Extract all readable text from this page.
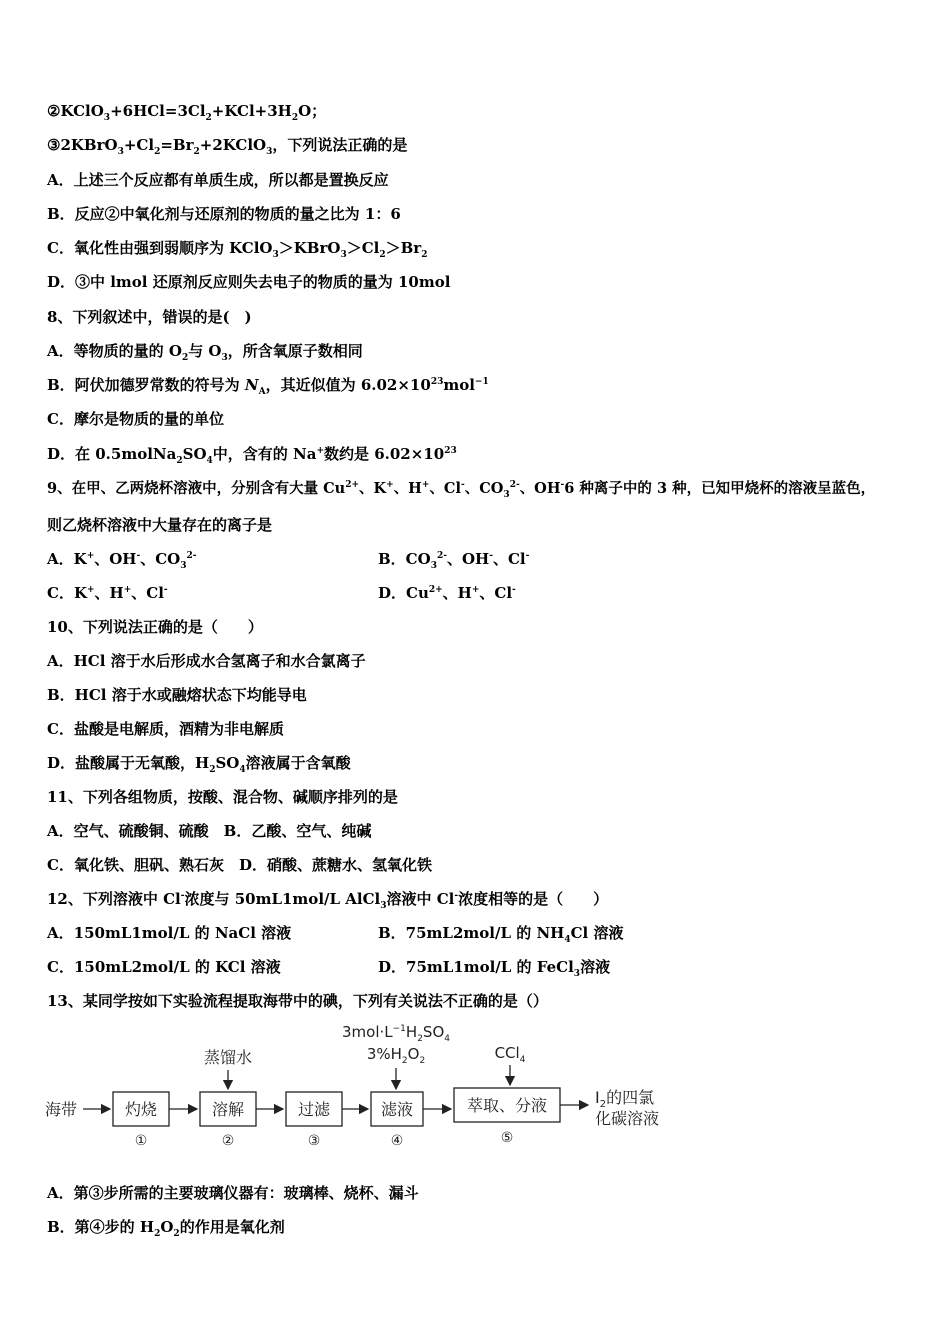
$②KClO_3+6HCl=3Cl_2+KCl+3H_2O$；
$③2KBrO_3+Cl_2=Br_2+2KClO_3$，下列说法正确的是
A．上述三个反应都有单质生成，所以都是置换反应
B．反应②中氧化剂与还原剂的物质的量之比为 1：6
C．氧化性由强到弱顺序为 $KClO_3>KBrO_3>Cl_2>Br_2$
D．③中 lmol 还原剂反应则失去电子的物质的量为 10mol
8、下列叙述中，错误的是(　)
A．等物质的量的 $O_2$与 $O_3$，所含氧原子数相同
B．阿伏加德罗常数的符号为 $N_A$，其近似值为 $6.02\times 10^{23}mol^{-1}$
C．摩尔是物质的量的单位
D．在 $0.5molNa_2SO_4$中，含有的 Na+数约是 $6.02\times 10^{23}$
9、在甲、乙两烧杯溶液中，分别含有大量 $Cu^{2+}$、K+、H+、Cl-、$CO_3^{2-}$、OH-6 种离子中的 3 种，已知甲烧杯的溶液呈蓝色，
则乙烧杯溶液中大量存在的离子是
A．K+、OH-、$CO_3^{2-}$	B．$CO_3^{2-}$、OH-、Cl-
C．K+、H+、Cl-	D．$Cu^{2+}$、H+、Cl-
10、下列说法正确的是（　　）
A．HCl 溶于水后形成水合氢离子和水合氯离子
B．HCl 溶于水或融熔状态下均能导电
C．盐酸是电解质，酒精为非电解质
D．盐酸属于无氧酸，$H_2SO_4$溶液属于含氧酸
11、下列各组物质，按酸、混合物、碱顺序排列的是
A．空气、硫酸铜、硫酸　B．乙酸、空气、纯碱
C．氧化铁、胆矾、熟石灰　D．硝酸、蔗糖水、氢氧化铁
12、下列溶液中 Cl-浓度与 50mL1mol/L AlCl$_3$溶液中 Cl-浓度相等的是（　　）
A．150mL1mol/L 的 NaCl 溶液	B．75mL2mol/L 的 $NH_4Cl$ 溶液
C．150mL2mol/L 的 KCl 溶液	D．75mL1mol/L 的 FeCl$_3$溶液
13、某同学按如下实验流程提取海带中的碘，下列有关说法不正确的是（）
海带	灼烧
①
蒸馏水
溶解
②
过滤
③
$3mol\cdot L^{-1}H_2SO_4$
$3\%H_2O_2$
滤液
④
CCl$_4$
萃取、分液
⑤
$I_2$的四氯
化碳溶液
A．第③步所需的主要玻璃仪器有：玻璃棒、烧杯、漏斗
B．第④步的 $H_2O_2$的作用是氧化剂
